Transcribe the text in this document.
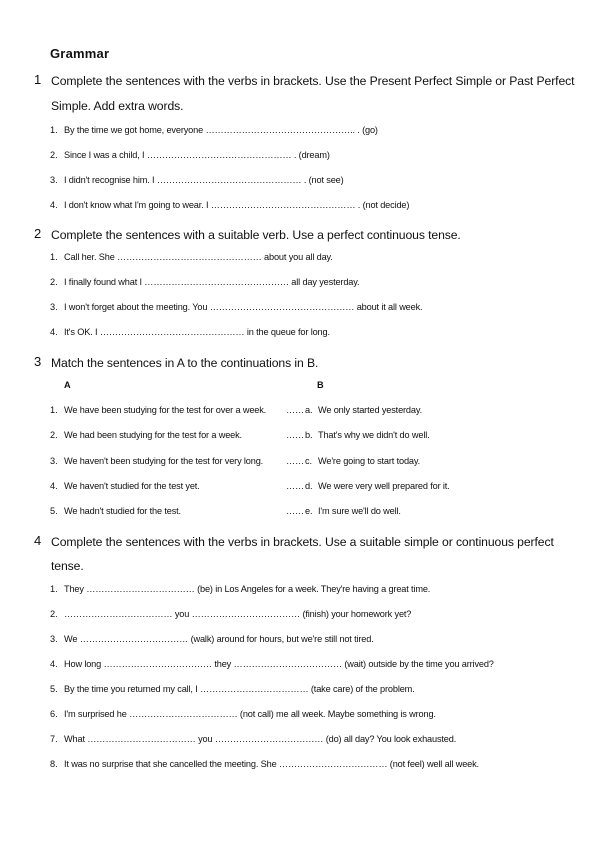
Grammar
1 Complete the sentences with the verbs in brackets. Use the Present Perfect Simple or Past Perfect
Simple. Add extra words.
1. By the time we got home, everyone ………………………………………….. . (go)
2. Since I was a child, I ………………………………………… . (dream)
3. I didn't recognise him. I ………………………………………… . (not see)
4. I don't know what I'm going to wear. I ………………………………………… . (not decide)
2 Complete the sentences with a suitable verb. Use a perfect continuous tense.
1. Call her. She ………………………………………… about you all day.
2. I finally found what I ………………………………………… all day yesterday.
3. I won't forget about the meeting. You ………………………………………… about it all week.
4. It's OK. I ………………………………………… in the queue for long.
3 Match the sentences in A to the continuations in B.
A	B
1. We have been studying for the test for over a week. …… a. We only started yesterday.
2. We had been studying for the test for a week.	…… b. That's why we didn't do well.
3. We haven't been studying for the test for very long. …… c. We're going to start today.
4. We haven't studied for the test yet.	…… d. We were very well prepared for it.
5. We hadn't studied for the test.	…… e. I'm sure we'll do well.
4 Complete the sentences with the verbs in brackets. Use a suitable simple or continuous perfect
tense.
1. They ……………………………… (be) in Los Angeles for a week. They're having a great time.
2. ……………………………… you ……………………………… (finish) your homework yet?
3. We ……………………………… (walk) around for hours, but we're still not tired.
4. How long ……………………………… they ……………………………… (wait) outside by the time you arrived?
5. By the time you returned my call, I ……………………………… (take care) of the problem.
6. I'm surprised he ……………………………… (not call) me all week. Maybe something is wrong.
7. What ……………………………… you ……………………………… (do) all day? You look exhausted.
8. It was no surprise that she cancelled the meeting. She ……………………………… (not feel) well all week.
